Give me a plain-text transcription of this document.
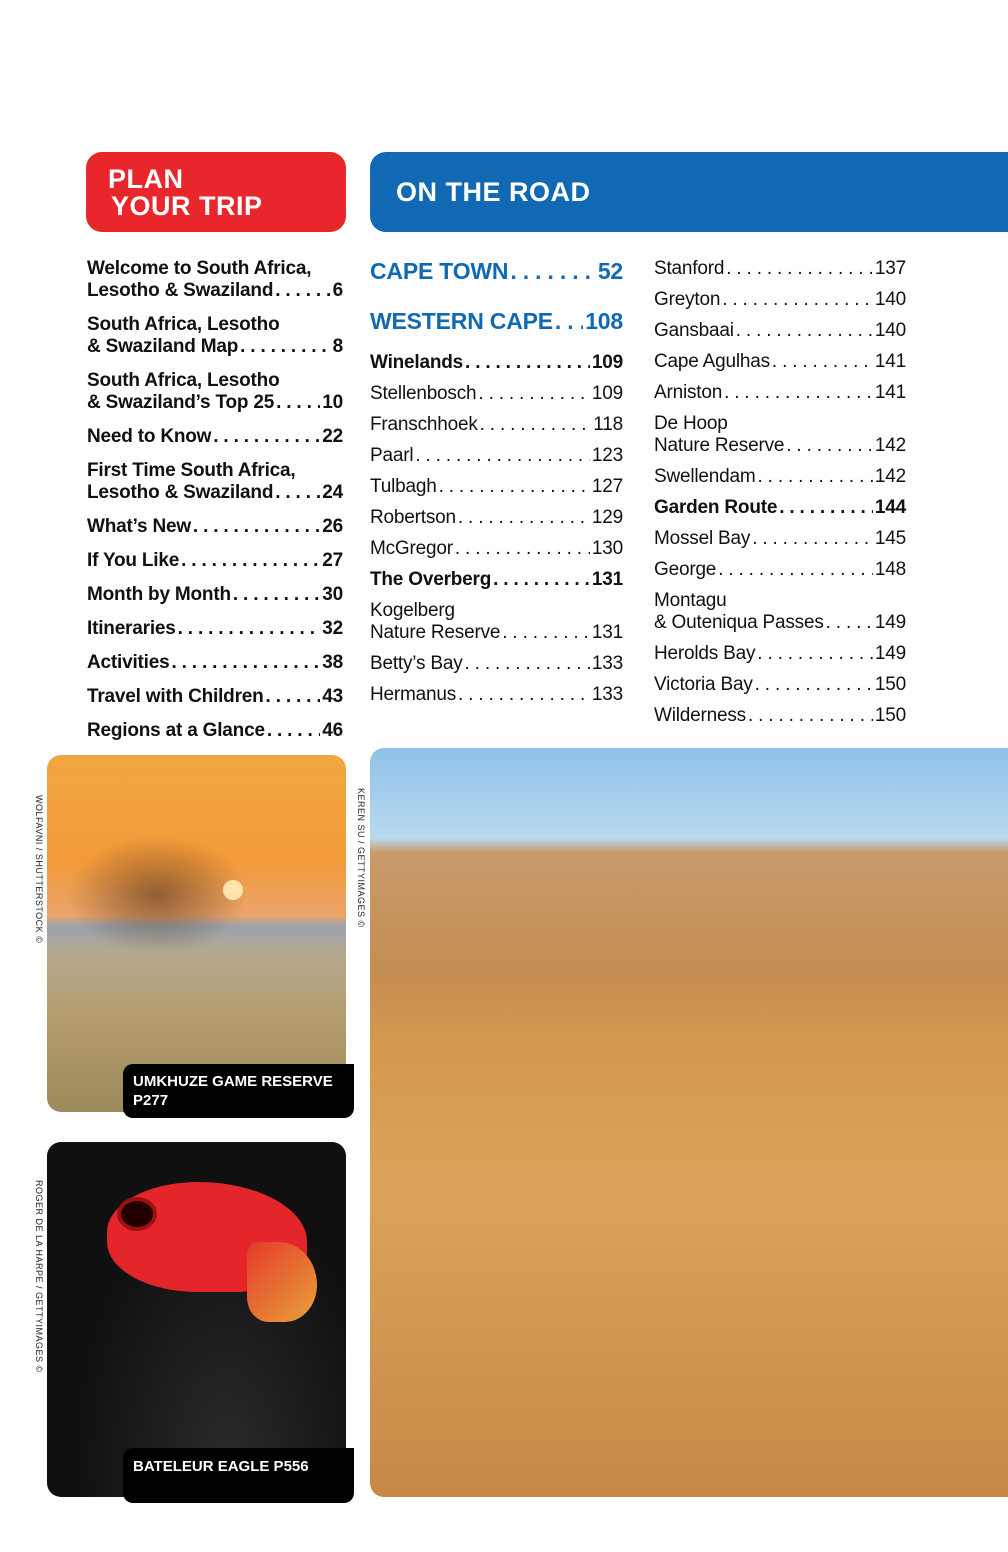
PLAN
YOUR TRIP	ON THE ROAD
Welcome to South Africa,
Lesotho & Swaziland . . .	6
South Africa, Lesotho
& Swaziland Map . . .	8
South Africa, Lesotho
& Swaziland’s Top 25 . . .	10
Need to Know . . .	22
First Time South Africa,
Lesotho & Swaziland . . .	24
What’s New . . .	26
If You Like . . .	27
Month by Month . . .	30
Itineraries . . .	32
Activities . . .	38
Travel with Children . . .	43
Regions at a Glance . . .	46
CAPE TOWN . . .	52
WESTERN CAPE . . . 108
Winelands . . .	109
Stellenbosch . . .	109
Franschhoek . . .	118
Paarl . . .	123
Tulbagh . . .	127
Robertson . . .	129
McGregor . . .	130
The Overberg . . .	131
Kogelberg
Nature Reserve . . .	131
Betty’s Bay . . .	133
Hermanus . . .	133
Stanford . . .	137
Greyton . . .	140
Gansbaai . . .	140
Cape Agulhas . . .	141
Arniston . . .	141
De Hoop
Nature Reserve . . .	142
Swellendam . . .	142
Garden Route . . .	144
Mossel Bay . . .	145
George . . .	148
Montagu
& Outeniqua Passes . . .	149
Herolds Bay . . .	149
Victoria Bay . . .	150
Wilderness . . .	150
UMKHUZE GAME RESERVE
P277
WOLFAVNI / SHUTTERSTOCK ©
BATELEUR EAGLE P556
ROGER DE LA HARPE / GETTYIMAGES ©
KEREN SU / GETTYIMAGES ©
